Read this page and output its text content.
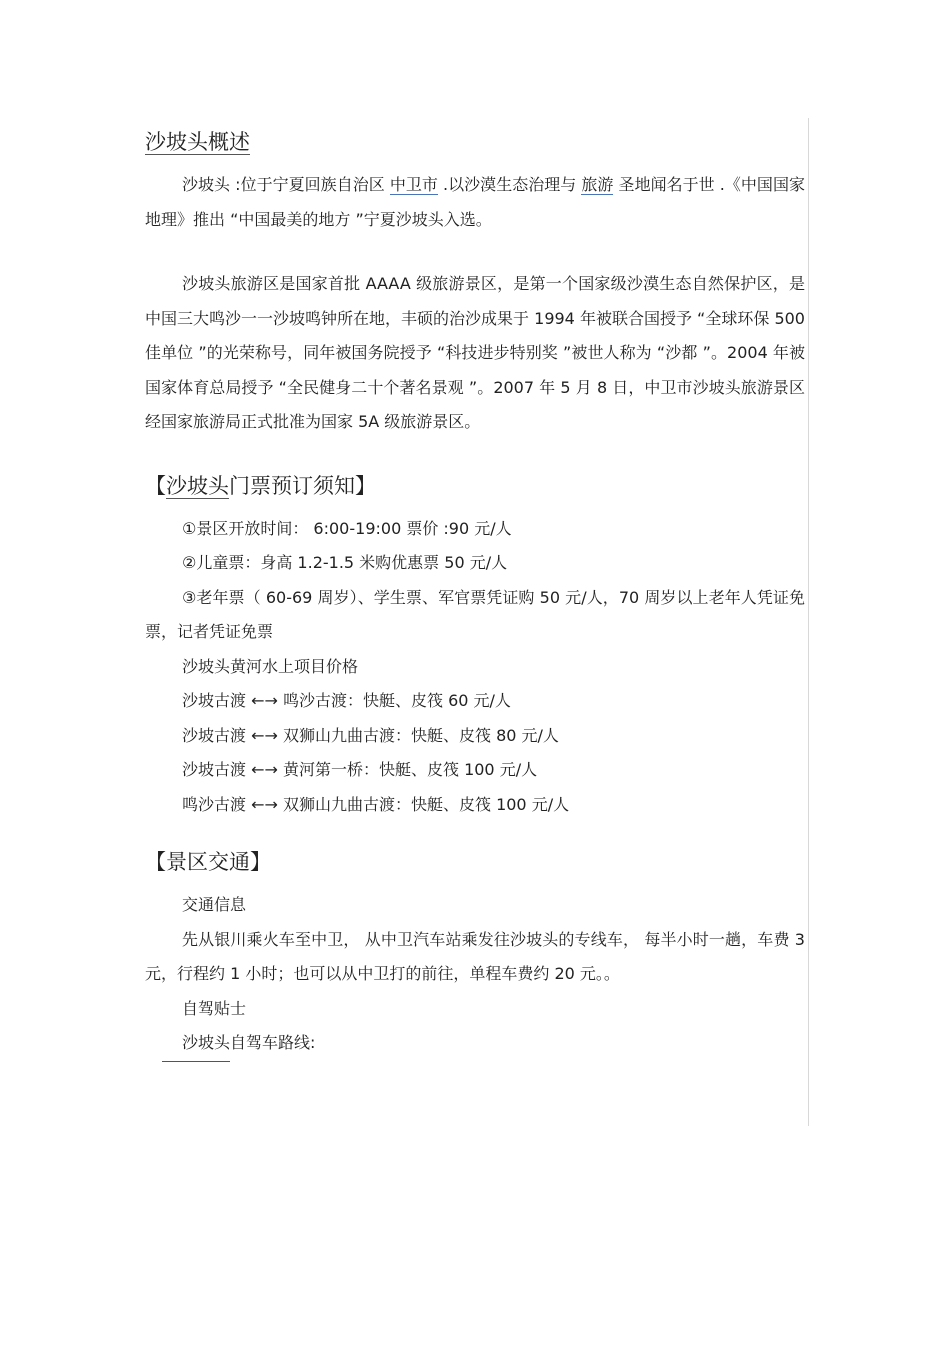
沙坡头概述
沙坡头 :位于宁夏回族自治区 中卫市 .以沙漠生态治理与 旅游 圣地闻名于世 .《中国国家地理》推出 “中国最美的地方 ”宁夏沙坡头入选。
沙坡头旅游区是国家首批 AAAA 级旅游景区，是第一个国家级沙漠生态自然保护区，是中国三大鸣沙一一沙坡鸣钟所在地，丰硕的治沙成果于 1994 年被联合国授予 “全球环保 500 佳单位 ”的光荣称号，同年被国务院授予 “科技进步特别奖 ”被世人称为 “沙都 ”。2004 年被国家体育总局授予 “全民健身二十个著名景观 ”。2007 年 5 月 8 日，中卫市沙坡头旅游景区经国家旅游局正式批准为国家 5A 级旅游景区。
【沙坡头门票预订须知】
①景区开放时间： 6:00-19:00 票价 :90 元/人
②儿童票：身高 1.2-1.5 米购优惠票 50 元/人
③老年票（ 60-69 周岁）、学生票、军官票凭证购 50 元/人，70 周岁以上老年人凭证免票，记者凭证免票
沙坡头黄河水上项目价格
沙坡古渡 ←→ 鸣沙古渡：快艇、皮筏 60 元/人
沙坡古渡 ←→ 双狮山九曲古渡：快艇、皮筏 80 元/人
沙坡古渡 ←→ 黄河第一桥：快艇、皮筏 100 元/人
鸣沙古渡 ←→ 双狮山九曲古渡：快艇、皮筏 100 元/人
【景区交通】
交通信息
先从银川乘火车至中卫， 从中卫汽车站乘发往沙坡头的专线车， 每半小时一趟，车费 3 元，行程约 1 小时；也可以从中卫打的前往，单程车费约 20 元。。
自驾贴士
沙坡头自驾车路线:
